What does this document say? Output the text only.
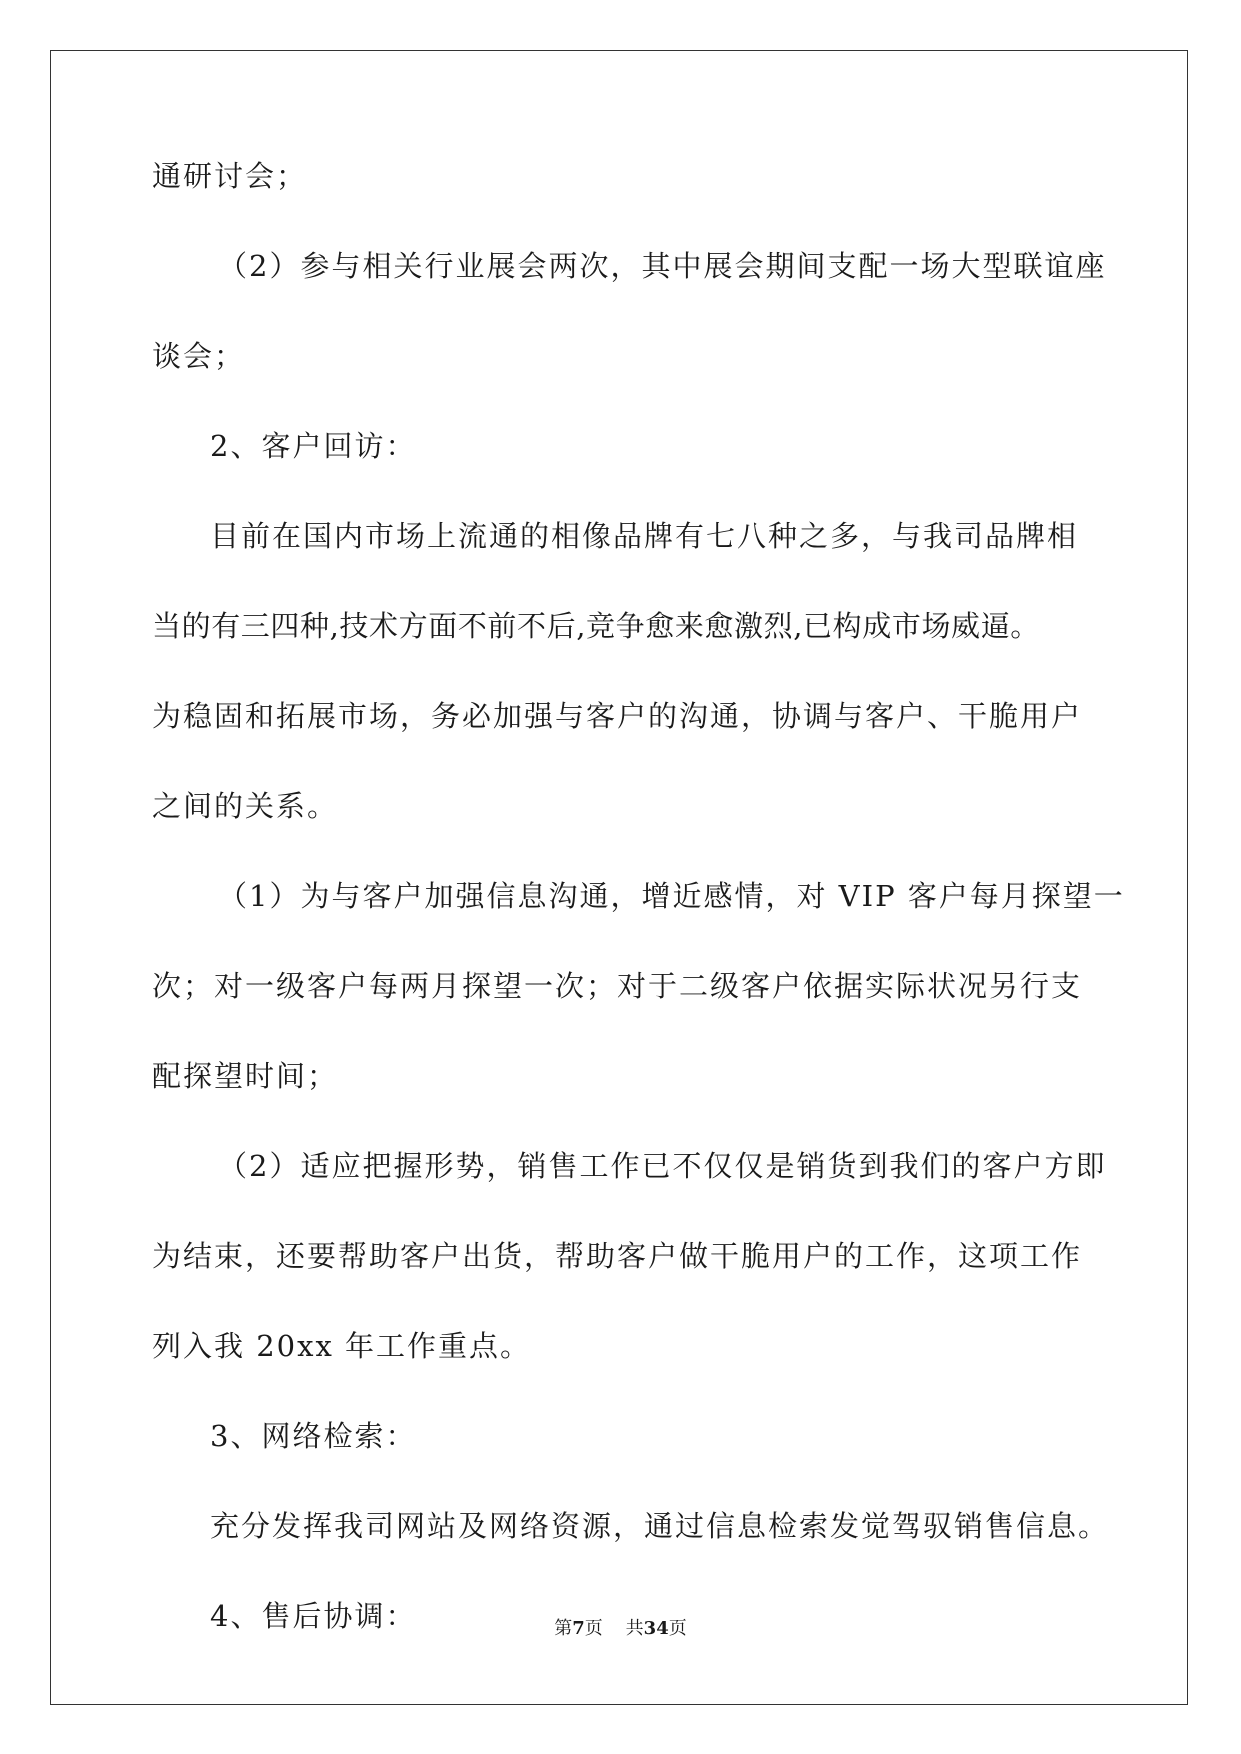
通研讨会；
（2）参与相关行业展会两次，其中展会期间支配一场大型联谊座
谈会；
2、客户回访：
目前在国内市场上流通的相像品牌有七八种之多，与我司品牌相
当的有三四种,技术方面不前不后,竞争愈来愈激烈,已构成市场威逼。
为稳固和拓展市场，务必加强与客户的沟通，协调与客户、干脆用户
之间的关系。
（1）为与客户加强信息沟通，增近感情，对 VIP 客户每月探望一
次；对一级客户每两月探望一次；对于二级客户依据实际状况另行支
配探望时间；
（2）适应把握形势，销售工作已不仅仅是销货到我们的客户方即
为结束，还要帮助客户出货，帮助客户做干脆用户的工作，这项工作
列入我 20xx 年工作重点。
3、网络检索：
充分发挥我司网站及网络资源，通过信息检索发觉驾驭销售信息。
4、售后协调：	第7页 共34页
